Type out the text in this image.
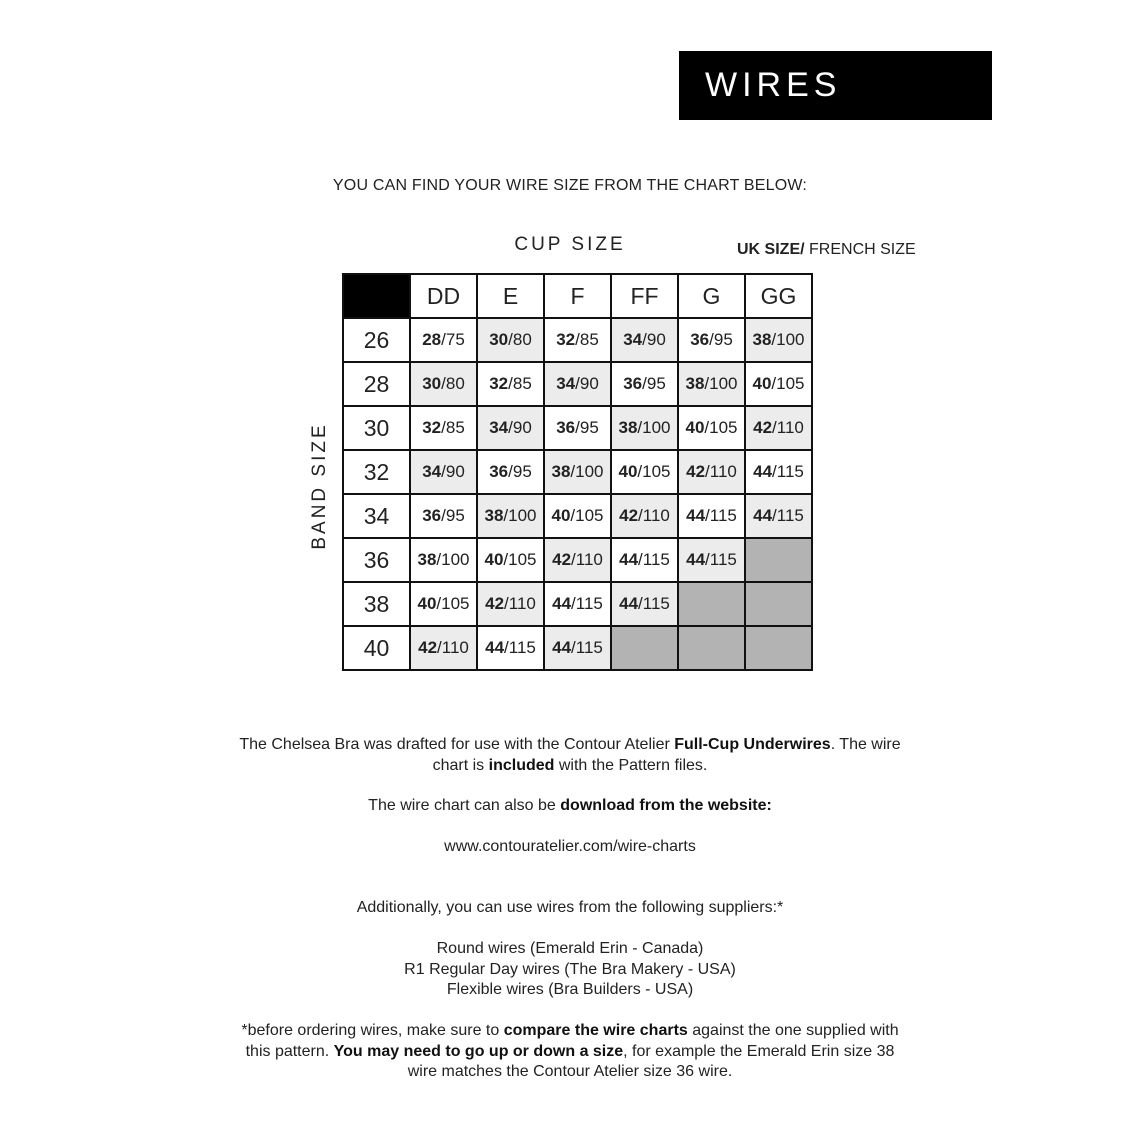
WIRES
YOU CAN FIND YOUR WIRE SIZE FROM THE CHART BELOW:
CUP SIZE	UK SIZE/ FRENCH SIZE
BAND SIZE
	DD	E	F	FF	G	GG
26	28/75	30/80	32/85	34/90	36/95	38/100
28	30/80	32/85	34/90	36/95	38/100	40/105
30	32/85	34/90	36/95	38/100	40/105	42/110
32	34/90	36/95	38/100	40/105	42/110	44/115
34	36/95	38/100	40/105	42/110	44/115	44/115
36	38/100	40/105	42/110	44/115	44/115	
38	40/105	42/110	44/115	44/115		
40	42/110	44/115	44/115			
The Chelsea Bra was drafted for use with the Contour Atelier Full-Cup Underwires. The wire chart is included with the Pattern files.
The wire chart can also be download from the website:
www.contouratelier.com/wire-charts
Additionally, you can use wires from the following suppliers:*
Round wires (Emerald Erin - Canada)
R1 Regular Day wires (The Bra Makery - USA)
Flexible wires (Bra Builders - USA)
*before ordering wires, make sure to compare the wire charts against the one supplied with this pattern. You may need to go up or down a size, for example the Emerald Erin size 38 wire matches the Contour Atelier size 36 wire.
